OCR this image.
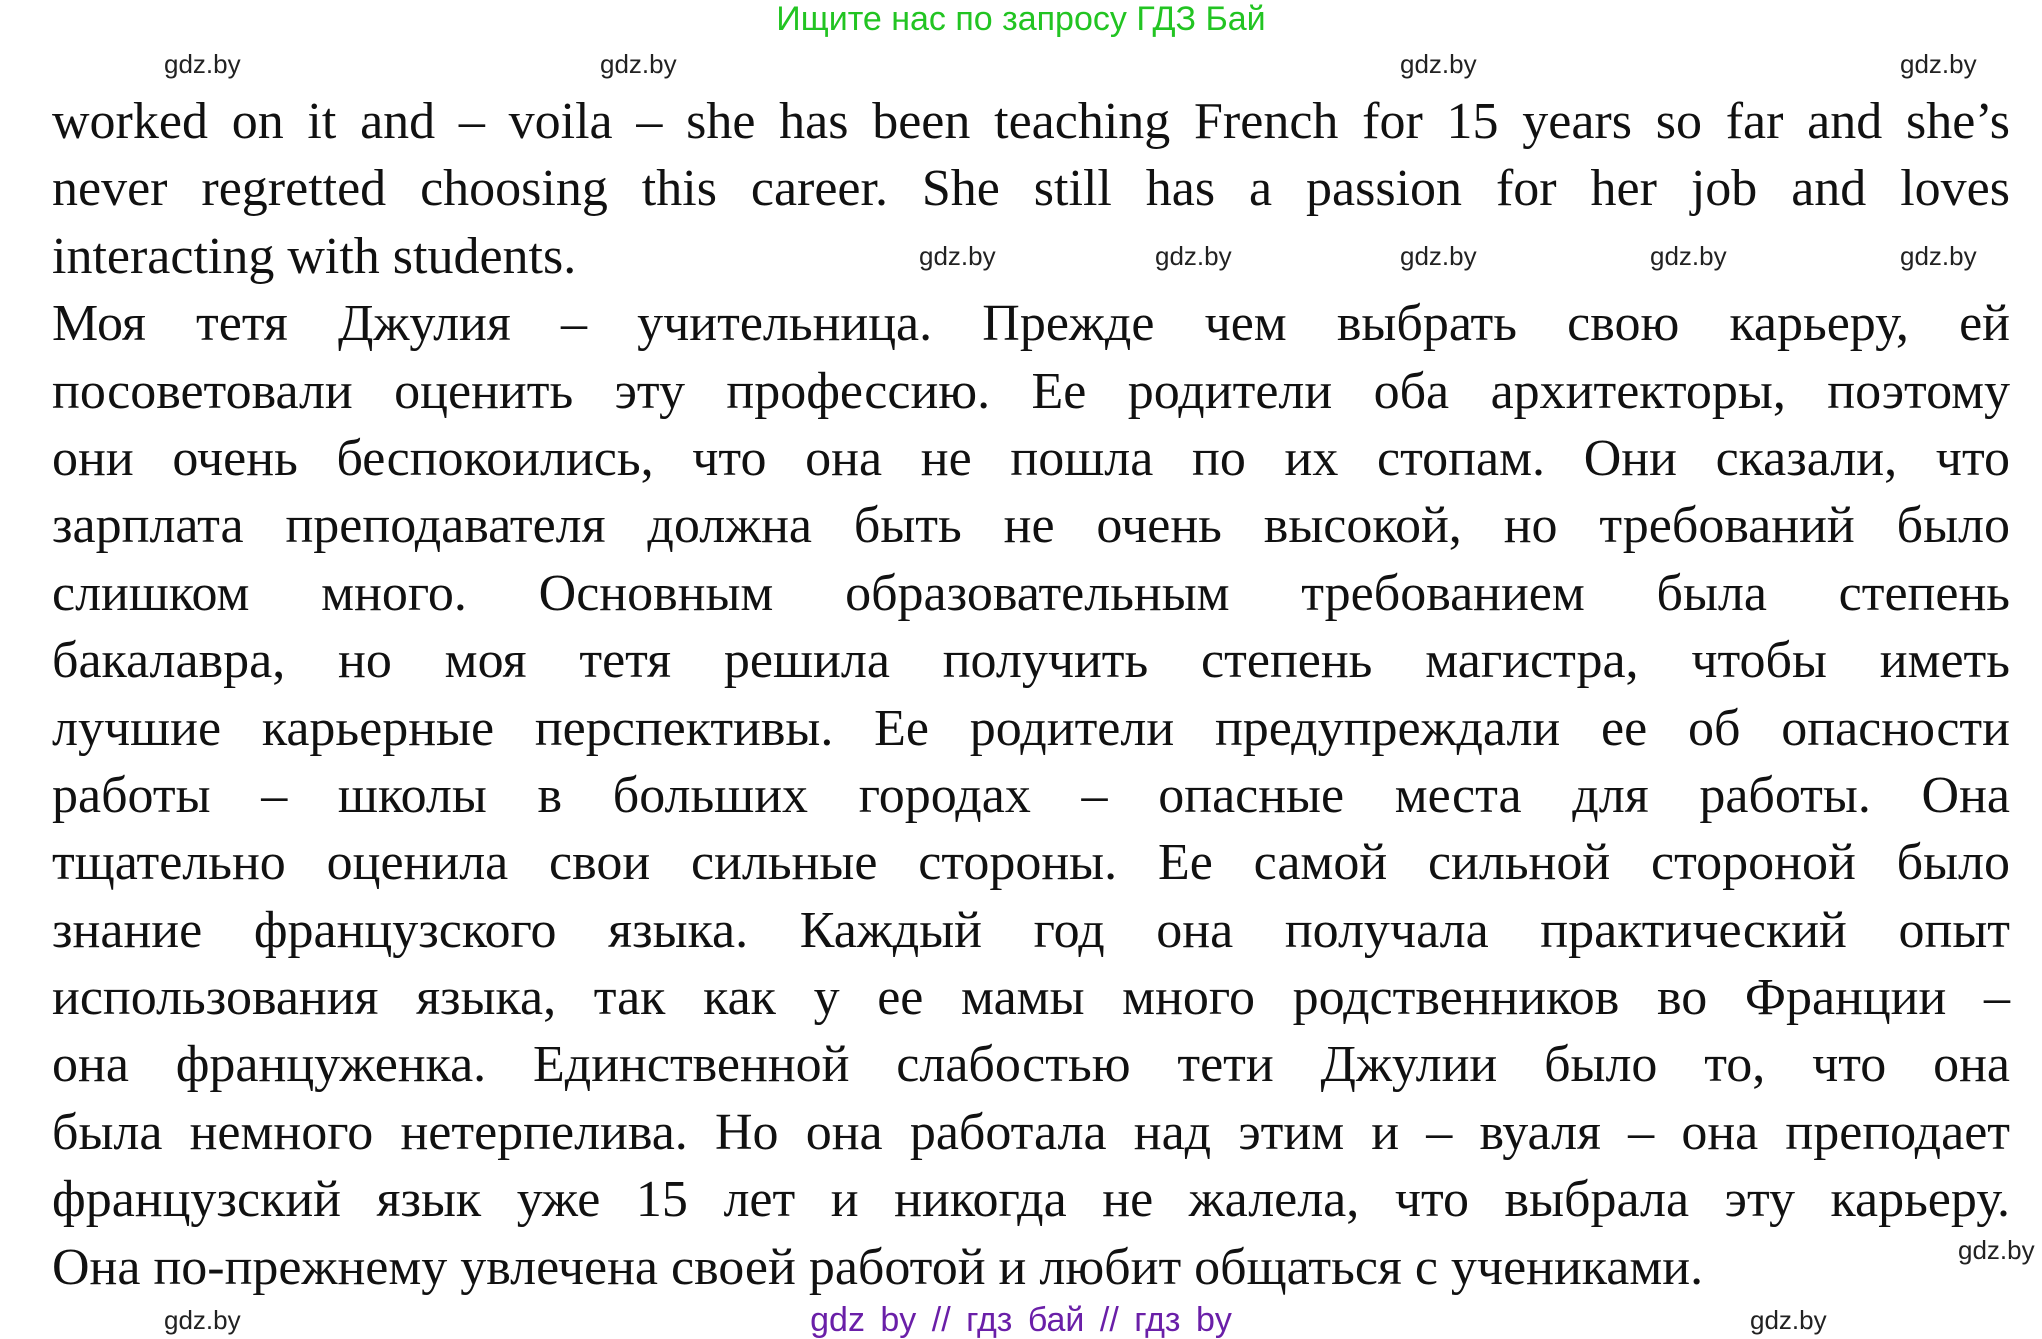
Ищите нас по запросу ГДЗ Бай
worked on it and – voila – she has been teaching French for 15 years so far and she’s
never regretted choosing this career. She still has a passion for her job and loves
interacting with students.
Моя тетя Джулия – учительница. Прежде чем выбрать свою карьеру, ей
посоветовали оценить эту профессию. Ее родители оба архитекторы, поэтому
они очень беспокоились, что она не пошла по их стопам. Они сказали, что
зарплата преподавателя должна быть не очень высокой, но требований было
слишком много. Основным образовательным требованием была степень
бакалавра, но моя тетя решила получить степень магистра, чтобы иметь
лучшие карьерные перспективы. Ее родители предупреждали ее об опасности
работы – школы в больших городах – опасные места для работы. Она
тщательно оценила свои сильные стороны. Ее самой сильной стороной было
знание французского языка. Каждый год она получала практический опыт
использования языка, так как у ее мамы много родственников во Франции –
она француженка. Единственной слабостью тети Джулии было то, что она
была немного нетерпелива. Но она работала над этим и – вуаля – она преподает
французский язык уже 15 лет и никогда не жалела, что выбрала эту карьеру.
Она по-прежнему увлечена своей работой и любит общаться с учениками.
gdz.by	gdz.by	gdz.by	gdz.by
gdz.by	gdz.by	gdz.by	gdz.by	gdz.by
gdz.by
gdz.by	gdz.by
gdz by // гдз бай // гдз by
